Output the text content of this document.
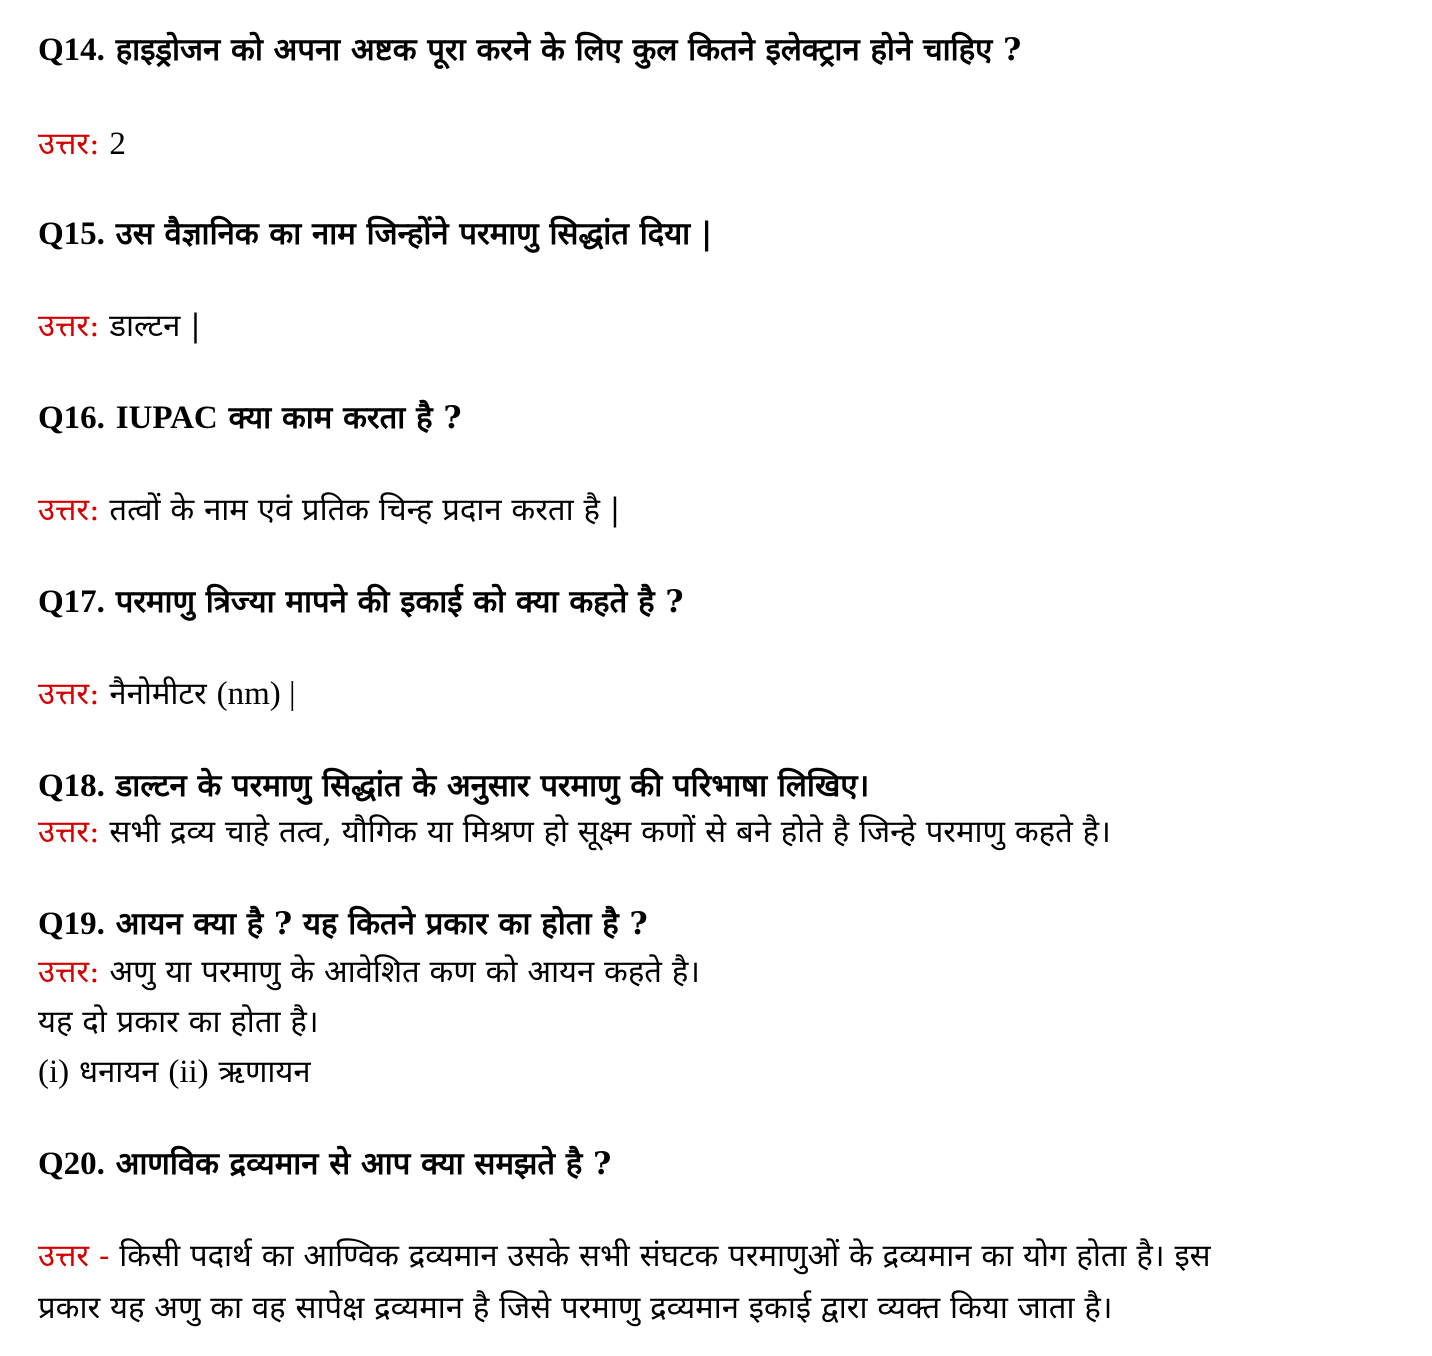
Q14. हाइड्रोजन को अपना अष्टक पूरा करने के लिए कुल कितने इलेक्ट्रान होने चाहिए ?
उत्तर: 2
Q15. उस वैज्ञानिक का नाम जिन्होंने परमाणु सिद्धांत दिया |
उत्तर: डाल्टन |
Q16. IUPAC क्या काम करता है ?
उत्तर: तत्वों के नाम एवं प्रतिक चिन्ह प्रदान करता है |
Q17. परमाणु त्रिज्या मापने की इकाई को क्या कहते है ?
उत्तर: नैनोमीटर (nm) |
Q18. डाल्टन के परमाणु सिद्धांत के अनुसार परमाणु की परिभाषा लिखिए।
उत्तर: सभी द्रव्य चाहे तत्व, यौगिक या मिश्रण हो सूक्ष्म कणों से बने होते है जिन्हे परमाणु कहते है।
Q19. आयन क्या है ? यह कितने प्रकार का होता है ?
उत्तर: अणु या परमाणु के आवेशित कण को आयन कहते है।
यह दो प्रकार का होता है।
(i) धनायन (ii) ऋणायन
Q20. आणविक द्रव्यमान से आप क्या समझते है ?
उत्तर - किसी पदार्थ का आण्विक द्रव्यमान उसके सभी संघटक परमाणुओं के द्रव्यमान का योग होता है। इस
प्रकार यह अणु का वह सापेक्ष द्रव्यमान है जिसे परमाणु द्रव्यमान इकाई द्वारा व्यक्त किया जाता है।
